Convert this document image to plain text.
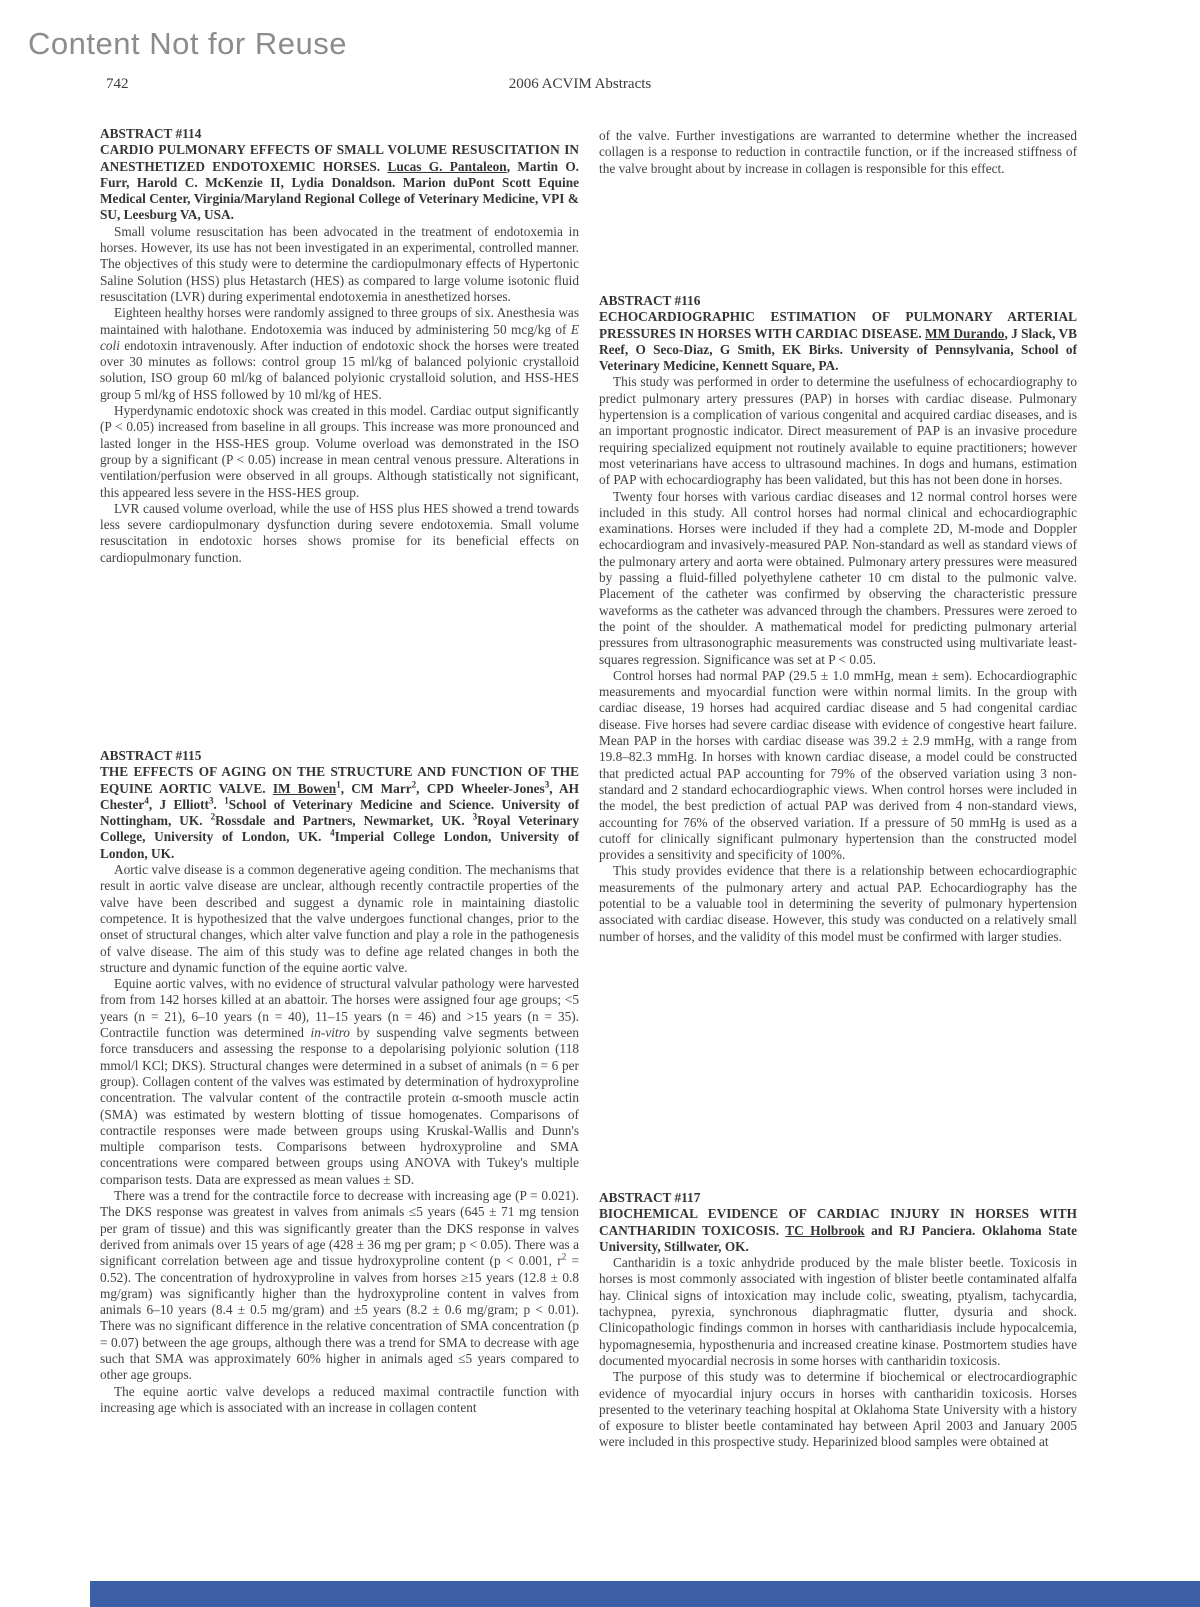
Content Not for Reuse
742	2006 ACVIM Abstracts
ABSTRACT #114
CARDIO PULMONARY EFFECTS OF SMALL VOLUME RESUSCITATION IN ANESTHETIZED ENDOTOXEMIC HORSES. Lucas G. Pantaleon, Martin O. Furr, Harold C. McKenzie II, Lydia Donaldson. Marion duPont Scott Equine Medical Center, Virginia/Maryland Regional College of Veterinary Medicine, VPI & SU, Leesburg VA, USA.

Small volume resuscitation has been advocated in the treatment of endotoxemia in horses. However, its use has not been investigated in an experimental, controlled manner. The objectives of this study were to determine the cardiopulmonary effects of Hypertonic Saline Solution (HSS) plus Hetastarch (HES) as compared to large volume isotonic fluid resuscitation (LVR) during experimental endotoxemia in anesthetized horses.

Eighteen healthy horses were randomly assigned to three groups of six. Anesthesia was maintained with halothane. Endotoxemia was induced by administering 50 mcg/kg of E coli endotoxin intravenously. After induction of endotoxic shock the horses were treated over 30 minutes as follows: control group 15 ml/kg of balanced polyionic crystalloid solution, ISO group 60 ml/kg of balanced polyionic crystalloid solution, and HSS-HES group 5 ml/kg of HSS followed by 10 ml/kg of HES.

Hyperdynamic endotoxic shock was created in this model. Cardiac output significantly (P < 0.05) increased from baseline in all groups. This increase was more pronounced and lasted longer in the HSS-HES group. Volume overload was demonstrated in the ISO group by a significant (P < 0.05) increase in mean central venous pressure. Alterations in ventilation/perfusion were observed in all groups. Although statistically not significant, this appeared less severe in the HSS-HES group.

LVR caused volume overload, while the use of HSS plus HES showed a trend towards less severe cardiopulmonary dysfunction during severe endotoxemia. Small volume resuscitation in endotoxic horses shows promise for its beneficial effects on cardiopulmonary function.

ABSTRACT #115
THE EFFECTS OF AGING ON THE STRUCTURE AND FUNCTION OF THE EQUINE AORTIC VALVE. IM Bowen$^1$, CM Marr$^2$, CPD Wheeler-Jones$^3$, AH Chester$^4$, J Elliott$^3$. $^1$School of Veterinary Medicine and Science. University of Nottingham, UK. $^2$Rossdale and Partners, Newmarket, UK. $^3$Royal Veterinary College, University of London, UK. $^4$Imperial College London, University of London, UK.

Aortic valve disease is a common degenerative ageing condition. The mechanisms that result in aortic valve disease are unclear, although recently contractile properties of the valve have been described and suggest a dynamic role in maintaining diastolic competence. It is hypothesized that the valve undergoes functional changes, prior to the onset of structural changes, which alter valve function and play a role in the pathogenesis of valve disease. The aim of this study was to define age related changes in both the structure and dynamic function of the equine aortic valve.

Equine aortic valves, with no evidence of structural valvular pathology were harvested from from 142 horses killed at an abattoir. The horses were assigned four age groups; <5 years (n = 21), 6–10 years (n = 40), 11–15 years (n = 46) and >15 years (n = 35). Contractile function was determined in-vitro by suspending valve segments between force transducers and assessing the response to a depolarising polyionic solution (118 mmol/l KCl; DKS). Structural changes were determined in a subset of animals (n = 6 per group). Collagen content of the valves was estimated by determination of hydroxyproline concentration. The valvular content of the contractile protein α-smooth muscle actin (SMA) was estimated by western blotting of tissue homogenates. Comparisons of contractile responses were made between groups using Kruskal-Wallis and Dunn's multiple comparison tests. Comparisons between hydroxyproline and SMA concentrations were compared between groups using ANOVA with Tukey's multiple comparison tests. Data are expressed as mean values ± SD.

There was a trend for the contractile force to decrease with increasing age (P = 0.021). The DKS response was greatest in valves from animals ≤5 years (645 ± 71 mg tension per gram of tissue) and this was significantly greater than the DKS response in valves derived from animals over 15 years of age (428 ± 36 mg per gram; p < 0.05). There was a significant correlation between age and tissue hydroxyproline content (p < 0.001, $r^2 = 0.52$). The concentration of hydroxyproline in valves from horses ≥15 years (12.8 ± 0.8 mg/gram) was significantly higher than the hydroxyproline content in valves from animals 6–10 years (8.4 ± 0.5 mg/gram) and ±5 years (8.2 ± 0.6 mg/gram; p < 0.01). There was no significant difference in the relative concentration of SMA concentration (p = 0.07) between the age groups, although there was a trend for SMA to decrease with age such that SMA was approximately 60% higher in animals aged ≤5 years compared to other age groups.

The equine aortic valve develops a reduced maximal contractile function with increasing age which is associated with an increase in collagen content

of the valve. Further investigations are warranted to determine whether the increased collagen is a response to reduction in contractile function, or if the increased stiffness of the valve brought about by increase in collagen is responsible for this effect.

ABSTRACT #116
ECHOCARDIOGRAPHIC ESTIMATION OF PULMONARY ARTERIAL PRESSURES IN HORSES WITH CARDIAC DISEASE. MM Durando, J Slack, VB Reef, O Seco-Diaz, G Smith, EK Birks. University of Pennsylvania, School of Veterinary Medicine, Kennett Square, PA.

This study was performed in order to determine the usefulness of echocardiography to predict pulmonary artery pressures (PAP) in horses with cardiac disease. Pulmonary hypertension is a complication of various congenital and acquired cardiac diseases, and is an important prognostic indicator. Direct measurement of PAP is an invasive procedure requiring specialized equipment not routinely available to equine practitioners; however most veterinarians have access to ultrasound machines. In dogs and humans, estimation of PAP with echocardiography has been validated, but this has not been done in horses.

Twenty four horses with various cardiac diseases and 12 normal control horses were included in this study. All control horses had normal clinical and echocardiographic examinations. Horses were included if they had a complete 2D, M-mode and Doppler echocardiogram and invasively-measured PAP. Non-standard as well as standard views of the pulmonary artery and aorta were obtained. Pulmonary artery pressures were measured by passing a fluid-filled polyethylene catheter 10 cm distal to the pulmonic valve. Placement of the catheter was confirmed by observing the characteristic pressure waveforms as the catheter was advanced through the chambers. Pressures were zeroed to the point of the shoulder. A mathematical model for predicting pulmonary arterial pressures from ultrasonographic measurements was constructed using multivariate least-squares regression. Significance was set at P < 0.05.

Control horses had normal PAP (29.5 ± 1.0 mmHg, mean ± sem). Echocardiographic measurements and myocardial function were within normal limits. In the group with cardiac disease, 19 horses had acquired cardiac disease and 5 had congenital cardiac disease. Five horses had severe cardiac disease with evidence of congestive heart failure. Mean PAP in the horses with cardiac disease was 39.2 ± 2.9 mmHg, with a range from 19.8–82.3 mmHg. In horses with known cardiac disease, a model could be constructed that predicted actual PAP accounting for 79% of the observed variation using 3 non-standard and 2 standard echocardiographic views. When control horses were included in the model, the best prediction of actual PAP was derived from 4 non-standard views, accounting for 76% of the observed variation. If a pressure of 50 mmHg is used as a cutoff for clinically significant pulmonary hypertension than the constructed model provides a sensitivity and specificity of 100%.

This study provides evidence that there is a relationship between echocardiographic measurements of the pulmonary artery and actual PAP. Echocardiography has the potential to be a valuable tool in determining the severity of pulmonary hypertension associated with cardiac disease. However, this study was conducted on a relatively small number of horses, and the validity of this model must be confirmed with larger studies.

ABSTRACT #117
BIOCHEMICAL EVIDENCE OF CARDIAC INJURY IN HORSES WITH CANTHARIDIN TOXICOSIS. TC Holbrook and RJ Panciera. Oklahoma State University, Stillwater, OK.

Cantharidin is a toxic anhydride produced by the male blister beetle. Toxicosis in horses is most commonly associated with ingestion of blister beetle contaminated alfalfa hay. Clinical signs of intoxication may include colic, sweating, ptyalism, tachycardia, tachypnea, pyrexia, synchronous diaphragmatic flutter, dysuria and shock. Clinicopathologic findings common in horses with cantharidiasis include hypocalcemia, hypomagnesemia, hyposthenuria and increased creatine kinase. Postmortem studies have documented myocardial necrosis in some horses with cantharidin toxicosis.

The purpose of this study was to determine if biochemical or electrocardiographic evidence of myocardial injury occurs in horses with cantharidin toxicosis. Horses presented to the veterinary teaching hospital at Oklahoma State University with a history of exposure to blister beetle contaminated hay between April 2003 and January 2005 were included in this prospective study. Heparinized blood samples were obtained at
